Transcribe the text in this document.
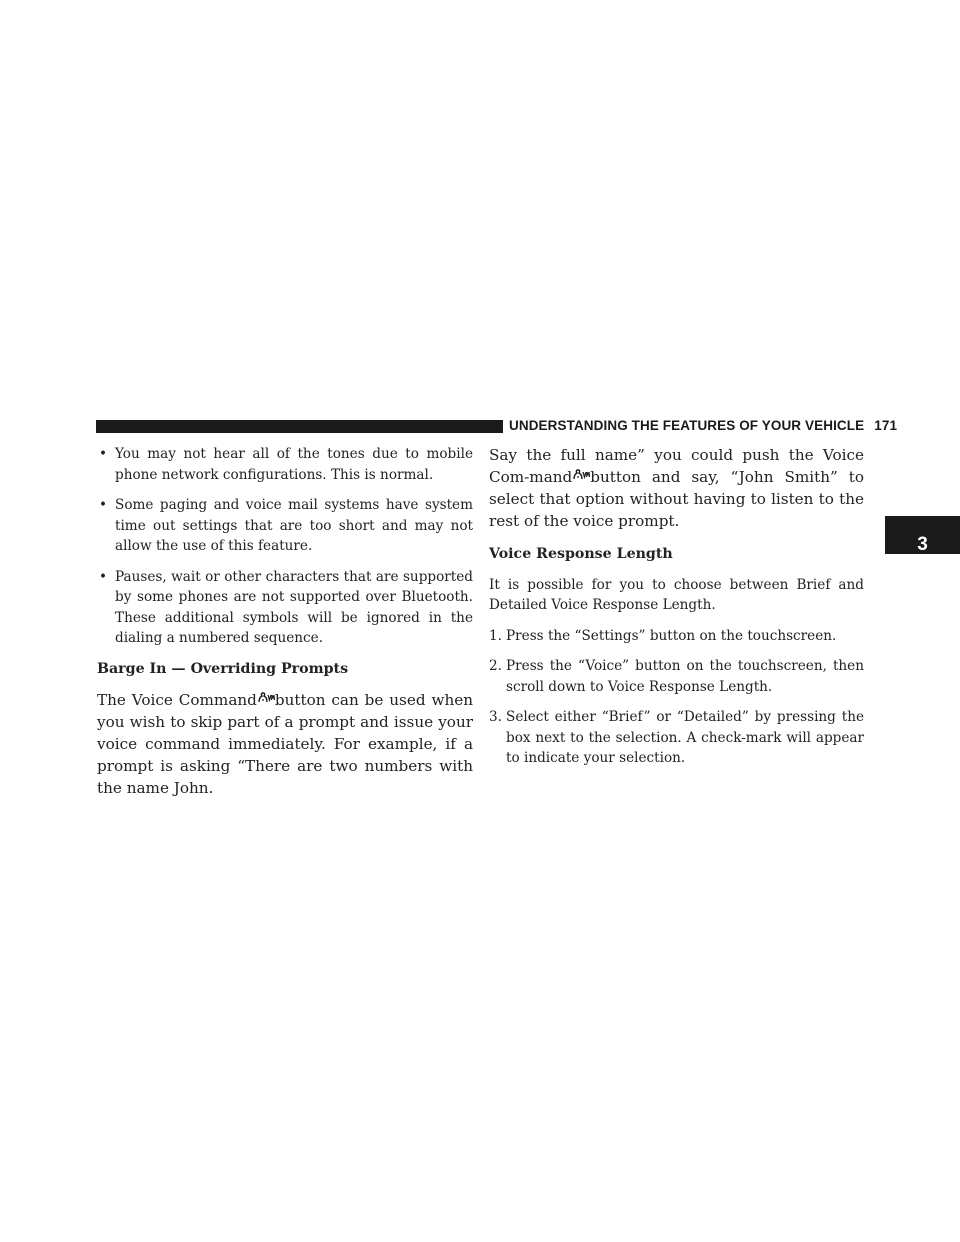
UNDERSTANDING THE FEATURES OF YOUR VEHICLE 171
3
• You may not hear all of the tones due to mobile phone network configurations. This is normal.
• Some paging and voice mail systems have system time out settings that are too short and may not allow the use of this feature.
• Pauses, wait or other characters that are supported by some phones are not supported over Bluetooth. These additional symbols will be ignored in the dialing a numbered sequence.
Barge In — Overriding Prompts

The Voice Command button can be used when you wish to skip part of a prompt and issue your voice command immediately. For example, if a prompt is asking “There are two numbers with the name John.

Say the full name” you could push the Voice Com-mand button and say, “John Smith” to select that option without having to listen to the rest of the voice prompt.

Voice Response Length

It is possible for you to choose between Brief and Detailed Voice Response Length.

1. Press the “Settings” button on the touchscreen.
2. Press the “Voice” button on the touchscreen, then scroll down to Voice Response Length.
3. Select either “Brief” or “Detailed” by pressing the box next to the selection. A check-mark will appear to indicate your selection.
